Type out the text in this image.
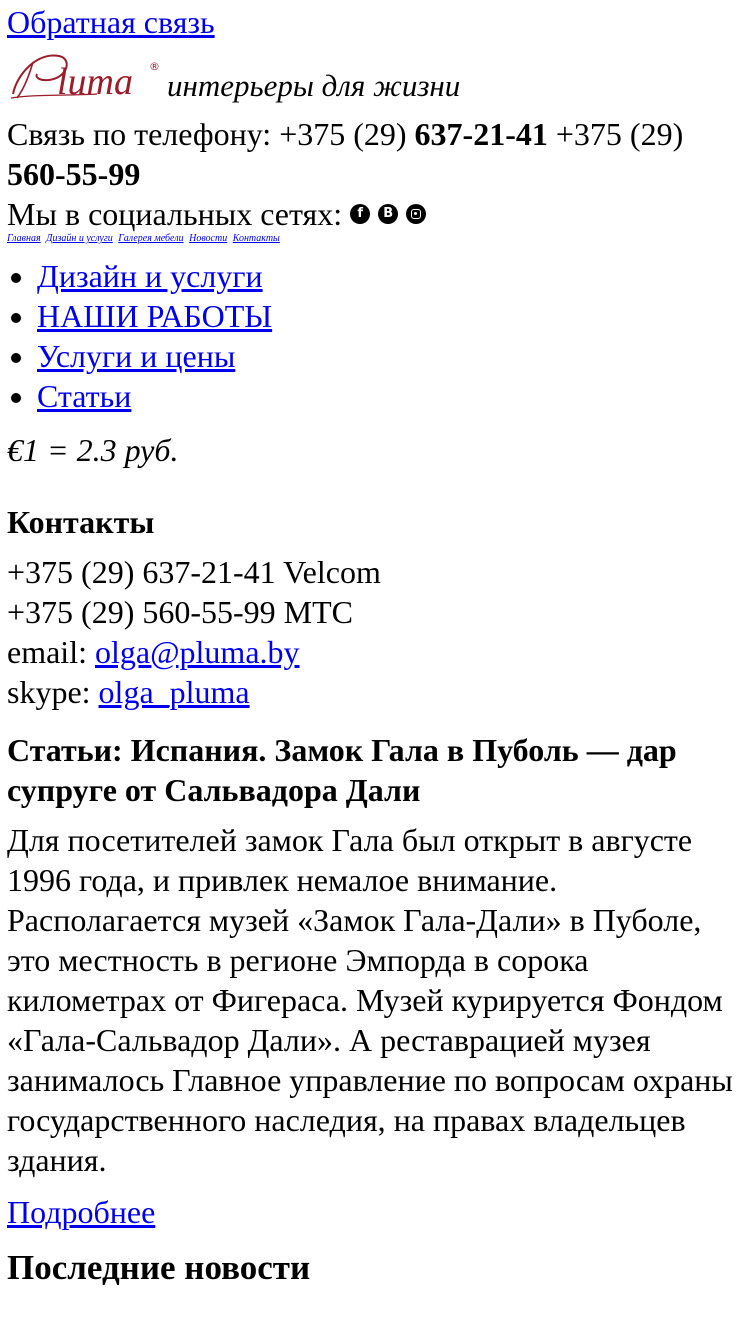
Обратная связь
luma ®
интерьеры для жизни
Связь по телефону: +375 (29) 637-21-41 +375 (29) 560-55-99
Мы в социальных сетях:	f	B
Главная Дизайн и услуги Галерея мебели Новости Контакты
• Дизайн и услуги
• НАШИ РАБОТЫ
• Услуги и цены
• Статьи

€1 = 2.3 руб.

Контакты

+375 (29) 637-21-41 Velcom

+375 (29) 560-55-99 МТС

email: olga@pluma.by

skype: olga_pluma

Статьи: Испания. Замок Гала в Пуболь — дар супруге от Сальвадора Дали

Для посетителей замок Гала был открыт в августе 1996 года, и привлек немалое внимание. Располагается музей «Замок Гала-Дали» в Пуболе, это местность в регионе Эмпорда в сорока километрах от Фигераса. Музей курируется Фондом «Гала-Сальвадор Дали». А реставрацией музея занималось Главное управление по вопросам охраны государственного наследия, на правах владельцев здания.

Подробнее
Последние новости
